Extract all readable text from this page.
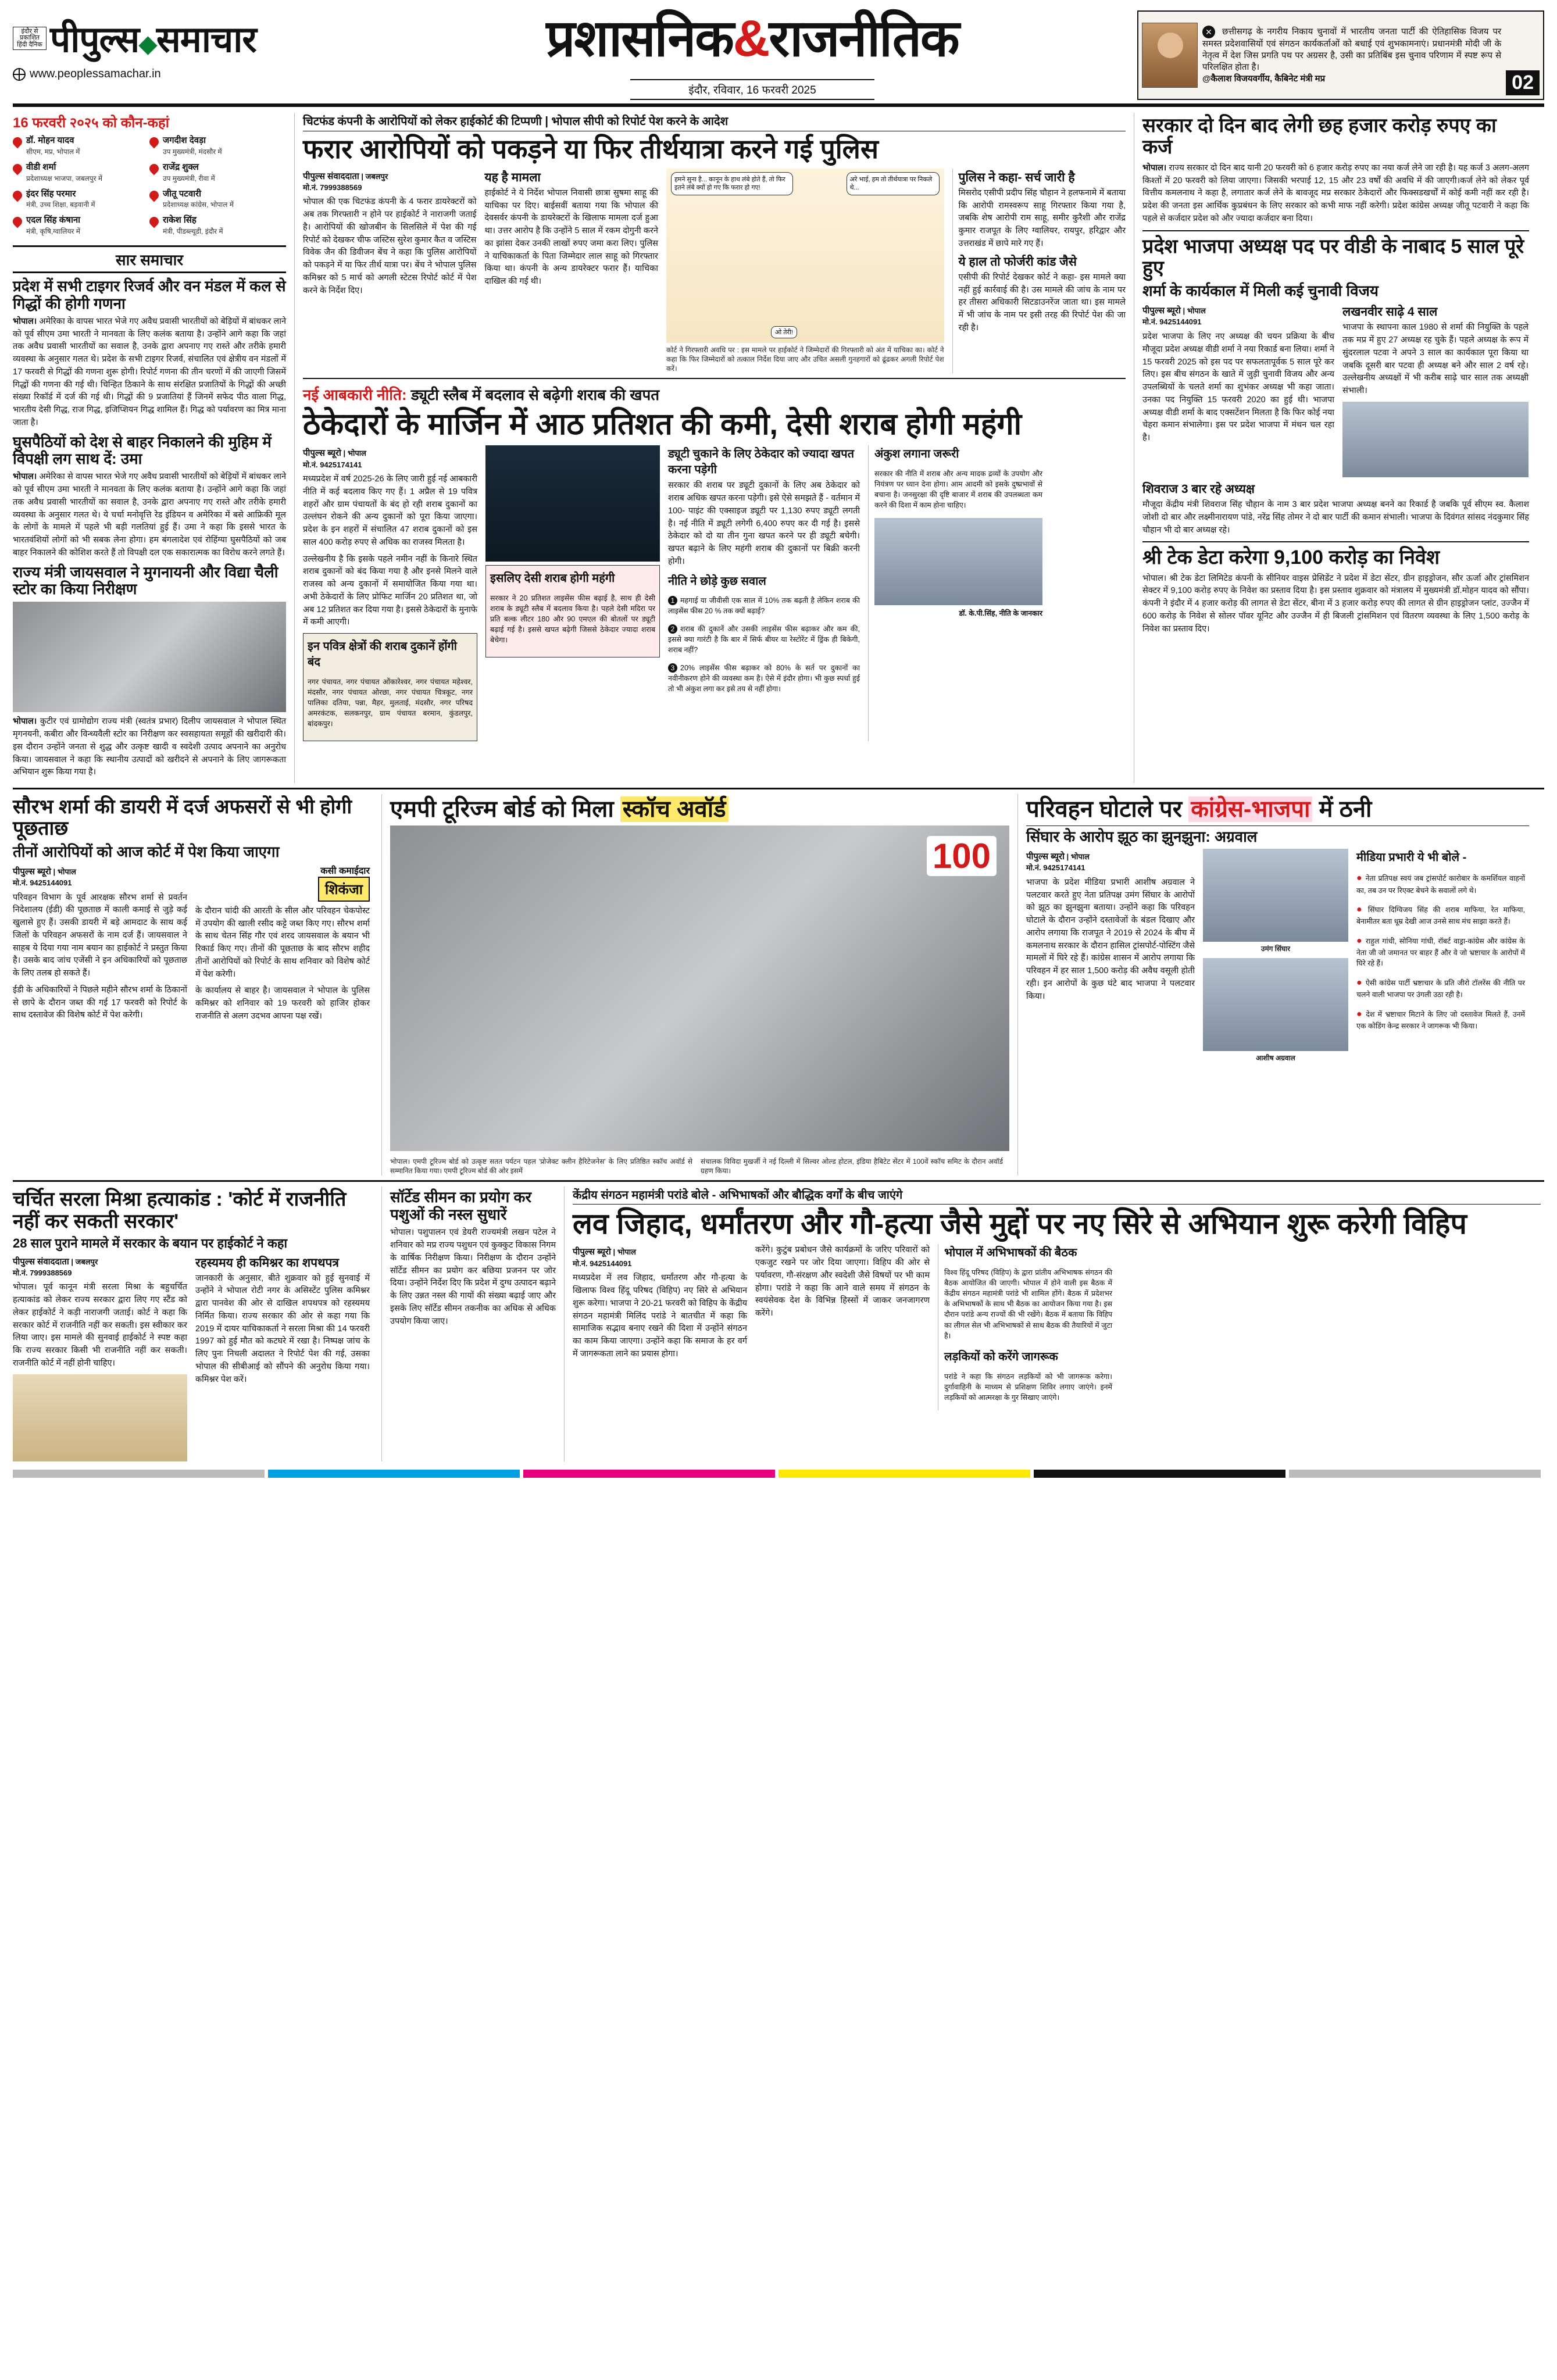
इंदौर से प्रकाशित हिंदी दैनिक पीपुल्स◆समाचार
www.peoplessamachar.in
प्रशासनिक&राजनीतिक
इंदौर, रविवार, 16 फरवरी 2025
✕ छत्तीसगढ़ के नगरीय निकाय चुनावों में भारतीय जनता पार्टी की ऐतिहासिक विजय पर समस्त प्रदेशवासियों एवं संगठन कार्यकर्ताओं को बधाई एवं शुभकामनाएं। प्रधानमंत्री मोदी जी के नेतृत्व में देश जिस प्रगति पथ पर अग्रसर है, उसी का प्रतिबिंब इस चुनाव परिणाम में स्पष्ट रूप से परिलक्षित होता है।
@कैलाश विजयवर्गीय, कैबिनेट मंत्री मप्र	02
16 फरवरी २०२५ को कौन-कहां
डॉ. मोहन यादव
सीएम, मप्र, भोपाल में
जगदीश देवड़ा
उप मुख्यमंत्री, मंदसौर में
वीडी शर्मा
प्रदेशाध्यक्ष भाजपा, जबलपुर में
राजेंद्र शुक्ल
उप मुख्यमंत्री, रीवा में
इंदर सिंह परमार
मंत्री, उच्च शिक्षा, बड़वानी में
जीतू पटवारी
प्रदेशाध्यक्ष कांग्रेस, भोपाल में
एदल सिंह कंषाना
मंत्री, कृषि,ग्वालियर में
राकेश सिंह
मंत्री, पीडब्ल्यूडी, इंदौर में
सार समाचार
प्रदेश में सभी टाइगर रिजर्व और वन मंडल में कल से गिद्धों की होगी गणना

भोपाल। अमेरिका के वापस भारत भेजे गए अवैध प्रवासी भारतीयों को बेड़ियों में बांधकर लाने को पूर्व सीएम उमा भारती ने मानवता के लिए कलंक बताया है। उन्होंने आगे कहा कि जहां तक अवैध प्रवासी भारतीयों का सवाल है, उनके द्वारा अपनाए गए रास्ते और तरीके हमारी व्यवस्था के अनुसार गलत थे। प्रदेश के सभी टाइगर रिजर्व, संचालित एवं क्षेत्रीय वन मंडलों में 17 फरवरी से गिद्धों की गणना शुरू होगी। रिपोर्ट गणना की तीन चरणों में की जाएगी जिसमें गिद्धों की गणना की गई थी। चिन्हित ठिकाने के साथ संरक्षित प्रजातियों के गिद्धों की अच्छी संख्या रिकॉर्ड में दर्ज की गई थी। गिद्धों की 9 प्रजातियां हैं जिनमें सफेद पीठ वाला गिद्ध, भारतीय देसी गिद्ध, राज गिद्ध, इजिप्शियन गिद्ध शामिल हैं। गिद्ध को पर्यावरण का मित्र माना जाता है।

घुसपैठियों को देश से बाहर निकालने की मुहिम में विपक्षी लग साथ दें: उमा

भोपाल। अमेरिका से वापस भारत भेजे गए अवैध प्रवासी भारतीयों को बेड़ियों में बांधकर लाने को पूर्व सीएम उमा भारती ने मानवता के लिए कलंक बताया है। उन्होंने आगे कहा कि जहां तक अवैध प्रवासी भारतीयों का सवाल है, उनके द्वारा अपनाए गए रास्ते और तरीके हमारी व्यवस्था के अनुसार गलत थे। ये चर्चा मनोवृत्ति रेड इंडियन व अमेरिका में बसे आफ्रिकी मूल के लोगों के मामले में पहले भी बड़ी गलतियां हुई हैं। उमा ने कहा कि इससे भारत के भारतवंशियों लोगों को भी सबक लेना होगा। हम बंगलादेश एवं रोहिंग्या घुसपैठियों को जब बाहर निकालने की कोशिश करते हैं तो विपक्षी दल एक सकारात्मक का विरोध करने लगते हैं।

राज्य मंत्री जायसवाल ने मुगनायनी और विद्या चैली स्टोर का किया निरीक्षण

भोपाल। कुटीर एवं ग्रामोद्योग राज्य मंत्री (स्वतंत्र प्रभार) दिलीप जायसवाल ने भोपाल स्थित मृगनयनी, कबीरा और विन्ध्यवैली स्टोर का निरीक्षण कर स्वसहायता समूहों की खरीदारी की। इस दौरान उन्होंने जनता से शुद्ध और उत्कृष्ट खादी व स्वदेशी उत्पाद अपनाने का अनुरोध किया। जायसवाल ने कहा कि स्थानीय उत्पादों को खरीदने से अपनाने के लिए जागरूकता अभियान शुरू किया गया है।

चिटफंड कंपनी के आरोपियों को लेकर हाईकोर्ट की टिप्पणी | भोपाल सीपी को रिपोर्ट पेश करने के आदेश
फरार आरोपियों को पकड़ने या फिर तीर्थयात्रा करने गई पुलिस
पीपुल्स संवाददाता | जबलपुर
मो.नं. 7999388569

भोपाल की एक चिटफंड कंपनी के 4 फरार डायरेक्टरों को अब तक गिरफ्तारी न होने पर हाईकोर्ट ने नाराजगी जताई है। आरोपियों की खोजबीन के सिलसिले में पेश की गई रिपोर्ट को देखकर चीफ जस्टिस सुरेश कुमार कैत व जस्टिस विवेक जैन की डिवीजन बेंच ने कहा कि पुलिस आरोपियों को पकड़ने में या फिर तीर्थ यात्रा पर। बेंच ने भोपाल पुलिस कमिश्नर को 5 मार्च को अगली स्टेटस रिपोर्ट कोर्ट में पेश करने के निर्देश दिए।

यह है मामला

हाईकोर्ट ने ये निर्देश भोपाल निवासी छात्रा सुषमा साहू की याचिका पर दिए। बाईसवीं बताया गया कि भोपाल की देवसर्वर कंपनी के डायरेक्टरों के खिलाफ मामला दर्ज हुआ था। उत्तर आरोप है कि उन्होंने 5 साल में रकम दोगुनी करने का झांसा देकर उनकी लाखों रुपए जमा करा लिए। पुलिस ने याचिकाकर्ता के पिता जिम्मेदार लाल साहू को गिरफ्तार किया था। कंपनी के अन्य डायरेक्टर फरार हैं। याचिका दाखिल की गई थी।

हमने सुना है... कानून के हाथ लंबे होते हैं, तो फिर इतने लंबे क्यों हो गए कि फरार हो गए!
अरे भाई, हम तो तीर्थयात्रा पर निकले थे...
ओ तेरी!
कोर्ट ने गिरफ्तारी अवधि पर : इस मामले पर हाईकोर्ट ने जिम्मेदारों की गिरफ्तारी को अंत में याचिका का। कोर्ट ने कहा कि फिर जिम्मेदारों को तत्काल निर्देश दिया जाए और उचित असली गुनहगारों को ढूंढकर अगली रिपोर्ट पेश करें।
पुलिस ने कहा- सर्च जारी है

मिसरोद एसीपी प्रदीप सिंह चौहान ने हलफनामे में बताया कि आरोपी रामस्वरूप साहू गिरफ्तार किया गया है, जबकि शेष आरोपी राम साहू, समीर कुरैशी और राजेंद्र कुमार राजपूत के लिए ग्वालियर, रायपुर, हरिद्वार और उत्तराखंड में छापे मारे गए हैं।

ये हाल तो फोर्जरी कांड जैसे

एसीपी की रिपोर्ट देखकर कोर्ट ने कहा- इस मामले क्या नहीं हुई कार्रवाई की है। उस मामले की जांच के नाम पर हर तीसरा अधिकारी सिटडाउनरेंज जाता था। इस मामले में भी जांच के नाम पर इसी तरह की रिपोर्ट पेश की जा रही है।

नई आबकारी नीति: ड्यूटी स्लैब में बदलाव से बढ़ेगी शराब की खपत
ठेकेदारों के मार्जिन में आठ प्रतिशत की कमी, देसी शराब होगी महंगी
पीपुल्स ब्यूरो | भोपाल
मो.नं. 9425174141

मध्यप्रदेश में वर्ष 2025-26 के लिए जारी हुई नई आबकारी नीति में कई बदलाव किए गए हैं। 1 अप्रैल से 19 पवित्र शहरों और ग्राम पंचायतों के बंद हो रही शराब दुकानों का उल्लंघन रोकने की अन्य दुकानों को पूरा किया जाएगा। प्रदेश के इन शहरों में संचालित 47 शराब दुकानों को इस साल 400 करोड़ रुपए से अधिक का राजस्व मिलता है।

उल्लेखनीय है कि इसके पहले नमीन नहीं के किनारे स्थित शराब दुकानों को बंद किया गया है और इनसे मिलने वाले राजस्व को अन्य दुकानों में समायोजित किया गया था। अभी ठेकेदारों के लिए प्रोफिट मार्जिन 20 प्रतिशत था, जो अब 12 प्रतिशत कर दिया गया है। इससे ठेकेदारों के मुनाफे में कमी आएगी।

इन पवित्र क्षेत्रों की शराब दुकानें होंगी बंद

नगर पंचायत, नगर पंचायत ओंकारेश्वर, नगर पंचायत महेश्वर, मंदसौर, नगर पंचायत ओरछा, नगर पंचायत चित्रकूट, नगर पालिका दतिया, पन्ना, मैहर, मुलताई, मंदसौर, नगर परिषद अमरकंटक, सलकनपुर, ग्राम पंचायत बरमान, कुंडलपुर, बांदकपुर।

इसलिए देसी शराब होगी महंगी

सरकार ने 20 प्रतिशत लाइसेंस फीस बढ़ाई है, साथ ही देसी शराब के ड्यूटी स्लैब में बदलाव किया है। पहले देसी मदिरा पर प्रति बल्क लीटर 180 और 90 एमएल की बोतलों पर ड्यूटी बढ़ाई गई है। इससे खपत बढ़ेगी जिससे ठेकेदार ज्यादा शराब बेचेगा।

ड्यूटी चुकाने के लिए ठेकेदार को ज्यादा खपत करना पड़ेगी

सरकार की शराब पर ड्यूटी दुकानों के लिए अब ठेकेदार को शराब अधिक खपत करना पड़ेगी। इसे ऐसे समझते हैं - वर्तमान में 100- पाइंट की एक्साइज ड्यूटी पर 1,130 रुपए ड्यूटी लगती है। नई नीति में ड्यूटी लगेगी 6,400 रुपए कर दी गई है। इससे ठेकेदार को दो या तीन गुना खपत करने पर ही ड्यूटी बचेगी। खपत बढ़ाने के लिए महंगी शराब की दुकानों पर बिक्री करनी होगी।

नीति ने छोड़े कुछ सवाल

1 महगाई या जीवीसी एक साल में 10% तक बढ़ती है लेकिन शराब की लाइसेंस फीस 20 % तक क्यों बढ़ाई?

2 शराब की दुकानें और उसकी लाइसेंस फीस बढ़ाकर और कम की, इससे क्या गारंटी है कि बार में सिर्फ बीयर या रेस्टोरेंट में ड्रिंक ही बिकेगी, शराब नहीं?

3 20% लाइसेंस फीस बढ़ाकर को 80% के सर्त पर दुकानों का नवीनीकरण होने की व्यवस्था कम है। ऐसे में इंदौर होगा। भी कुछ स्पर्धा हुई तो भी अंकुश लगा कर इसे तय से नहीं होगा।

अंकुश लगाना जरूरी

सरकार की नीति में शराब और अन्य मादक द्रव्यों के उपयोग और नियंत्रण पर ध्यान देना होगा। आम आदमी को इसके दुष्प्रभावों से बचाना है। जनसुरक्षा की दृष्टि बाजार में शराब की उपलब्धता कम करने की दिशा में काम होना चाहिए।

डॉ. के.पी.सिंह, नीति के जानकार
सरकार दो दिन बाद लेगी छह हजार करोड़ रुपए का कर्ज

भोपाल। राज्य सरकार दो दिन बाद यानी 20 फरवरी को 6 हजार करोड़ रुपए का नया कर्ज लेने जा रही है। यह कर्ज 3 अलग-अलग किश्तों में 20 फरवरी को लिया जाएगा। जिसकी भरपाई 12, 15 और 23 वर्षों की अवधि में की जाएगी।कर्ज लेने को लेकर पूर्व वित्तीय कमलनाथ ने कहा है, लगातार कर्ज लेने के बावजूद मप्र सरकार ठेकेदारों और फिक्सडखर्चों में कोई कमी नहीं कर रही है। प्रदेश की जनता इस आर्थिक कुप्रबंधन के लिए सरकार को कभी माफ नहीं करेगी। प्रदेश कांग्रेस अध्यक्ष जीतू पटवारी ने कहा कि पहले से कर्जदार प्रदेश को और ज्यादा कर्जदार बना दिया।

प्रदेश भाजपा अध्यक्ष पद पर वीडी के नाबाद 5 साल पूरे हुए
शर्मा के कार्यकाल में मिली कई चुनावी विजय
पीपुल्स ब्यूरो | भोपाल
मो.नं. 9425144091

प्रदेश भाजपा के लिए नए अध्यक्ष की चयन प्रक्रिया के बीच मौजूदा प्रदेश अध्यक्ष वीडी शर्मा ने नया रिकार्ड बना लिया। शर्मा ने 15 फरवरी 2025 को इस पद पर सफलतापूर्वक 5 साल पूरे कर लिए। इस बीच संगठन के खाते में जुड़ी चुनावी विजय और अन्य उपलब्धियों के चलते शर्मा का शुभंकर अध्यक्ष भी कहा जाता। उनका पद नियुक्ति 15 फरवरी 2020 का हुई थी। भाजपा अध्यक्ष वीडी शर्मा के बाद एक्सटेंशन मिलता है कि फिर कोई नया चेहरा कमान संभालेगा। इस पर प्रदेश भाजपा में मंथन चल रहा है।

लखनवीर साढ़े 4 साल

भाजपा के स्थापना काल 1980 से शर्मा की नियुक्ति के पहले तक मप्र में हुए 27 अध्यक्ष रह चुके हैं। पहले अध्यक्ष के रूप में सुंदरलाल पटवा ने अपने 3 साल का कार्यकाल पूरा किया था जबकि दूसरी बार पटवा ही अध्यक्ष बने और साल 2 वर्ष रहे। उल्लेखनीय अध्यक्षों में भी करीब साढ़े चार साल तक अध्यक्षी संभाली।

शिवराज 3 बार रहे अध्यक्ष

मौजूदा केंद्रीय मंत्री शिवराज सिंह चौहान के नाम 3 बार प्रदेश भाजपा अध्यक्ष बनने का रिकार्ड है जबकि पूर्व सीएम स्व. कैलाश जोशी दो बार और लक्ष्मीनारायण पांडे, नरेंद्र सिंह तोमर ने दो बार पार्टी की कमान संभाली। भाजपा के दिवंगत सांसद नंदकुमार सिंह चौहान भी दो बार अध्यक्ष रहे।

श्री टेक डेटा करेगा 9,100 करोड़ का निवेश

भोपाल। श्री टेक डेटा लिमिटेड कंपनी के सीनियर वाइस प्रेसिडेंट ने प्रदेश में डेटा सेंटर, ग्रीन हाइड्रोजन, सौर ऊर्जा और ट्रांसमिशन सेक्टर में 9,100 करोड़ रुपए के निवेश का प्रस्ताव दिया है। इस प्रस्ताव शुक्रवार को मंत्रालय में मुख्यमंत्री डॉ.मोहन यादव को सौंपा। कंपनी ने इंदौर में 4 हजार करोड़ की लागत से डेटा सेंटर, बीना में 3 हजार करोड़ रुपए की लागत से ग्रीन हाइड्रोजन प्लांट, उज्जैन में 600 करोड़ के निवेश से सोलर पॉवर यूनिट और उज्जैन में ही बिजली ट्रांसमिशन एवं वितरण व्यवस्था के लिए 1,500 करोड़ के निवेश का प्रस्ताव दिए।

सौरभ शर्मा की डायरी में दर्ज अफसरों से भी होगी पूछताछ
तीनों आरोपियों को आज कोर्ट में पेश किया जाएगा
पीपुल्स ब्यूरो | भोपाल
मो.नं. 9425144091

परिवहन विभाग के पूर्व आरक्षक सौरभ शर्मा से प्रवर्तन निदेशालय (ईडी) की पूछताछ में काली कमाई से जुड़े कई खुलासे हुए हैं। उसकी डायरी में बड़े आमदाट के साथ कई जिलों के परिवहन अफसरों के नाम दर्ज हैं। जायसवाल ने साहब ये दिया गया नाम बयान का हाईकोर्ट ने प्रस्तुत किया है। उसके बाद जांच एजेंसी ने इन अधिकारियों को पूछताछ के लिए तलब हो सकते हैं।

ईडी के अधिकारियों ने पिछले महीने सौरभ शर्मा के ठिकानों से छापे के दौरान जब्त की गई 17 फरवरी को रिपोर्ट के साथ दस्तावेज की विशेष कोर्ट में पेश करेगी।

कसी कमाईदार
शिकंजा

के दौरान चांदी की आरती के सील और परिवहन चेकपोस्ट में उपयोग की खाली रसीद कट्टे जब्त किए गए। सौरभ शर्मा के साथ चेतन सिंह गौर एवं शरद जायसवाल के बयान भी रिकार्ड किए गए। तीनों की पूछताछ के बाद सौरभ शहीद तीनों आरोपियों को रिपोर्ट के साथ शनिवार को विशेष कोर्ट में पेश करेगी।

के कार्यालय से बाहर है। जायसवाल ने भोपाल के पुलिस कमिश्नर को शनिवार को 19 फरवरी को हाजिर होकर राजनीति से अलग उदभव आपना पक्ष रखें।

एमपी टूरिज्म बोर्ड को मिला स्कॉच अवॉर्ड
100
भोपाल। एमपी टूरिज्म बोर्ड को उत्कृष्ट सतत पर्यटन पहल 'प्रोजेक्ट क्लीन हैरिटेजनेस' के लिए प्रतिष्ठित स्कॉच अवॉर्ड से सम्मानित किया गया। एमपी टूरिज्म बोर्ड की ओर इसमें
संचालक विविदा मुखर्जी ने नई दिल्ली में सिल्वर ओल्ड होटल, इंडिया हैबिटेट सेंटर में 100वें स्कॉच समिट के दौरान अवॉर्ड ग्रहण किया।
परिवहन घोटाले पर कांग्रेस-भाजपा में ठनी
सिंघार के आरोप झूठ का झुनझुना: अग्रवाल
पीपुल्स ब्यूरो | भोपाल
मो.नं. 9425174141

भाजपा के प्रदेश मीडिया प्रभारी आशीष अग्रवाल ने पलटवार करते हुए नेता प्रतिपक्ष उमंग सिंघार के आरोपों को झूठ का झुनझुना बताया। उन्होंने कहा कि परिवहन घोटाले के दौरान उन्होंने दस्तावेजों के बंडल दिखाए और आरोप लगाया कि राजपूत ने 2019 से 2024 के बीच में कमलनाथ सरकार के दौरान हासिल ट्रांसपोर्ट-पोस्टिंग जैसे मामलों में घिरे रहे हैं। कांग्रेस शासन में आरोप लगाया कि परिवहन में हर साल 1,500 करोड़ की अवैध वसूली होती रही। इन आरोपों के कुछ घंटे बाद भाजपा ने पलटवार किया।

उमंग सिंघार
आशीष अग्रवाल
मीडिया प्रभारी ये भी बोले -

● नेता प्रतिपक्ष स्वयं जब ट्रांसपोर्ट कारोबार के कमर्शियल वाहनों का, तब उन पर रिएक्ट बेचने के सवालों लगे थे।

● सिंघार दिग्विजय सिंह की शराब माफिया, रेत माफिया, बेनामीतर बता धूम्र देखी आज उनसे साथ मंच साझा करते हैं।

● राहुल गांधी, सोनिया गांधी, रॉबर्ट वाड्रा-कांग्रेस और कांग्रेस के नेता जी जो जमानत पर बाहर हैं और वे जो भ्रष्टाचार के आरोपों में घिरे रहे हैं।

● ऐसी कांग्रेस पार्टी भ्रष्टाचार के प्रति जीरो टॉलरेंस की नीति पर चलने वाली भाजपा पर उंगली उठा रही है।

● देश में भ्रष्टाचार मिटाने के लिए जो दस्तावेज मिलते हैं, उनमें एक कोडिंग केन्द्र सरकार ने जागरूक भी किया।

चर्चित सरला मिश्रा हत्याकांड : 'कोर्ट में राजनीति नहीं कर सकती सरकार'
28 साल पुराने मामले में सरकार के बयान पर हाईकोर्ट ने कहा
पीपुल्स संवाददाता | जबलपुर
मो.नं. 7999388569

भोपाल। पूर्व कानून मंत्री सरला मिश्रा के बहुचर्चित हत्याकांड को लेकर राज्य सरकार द्वारा लिए गए स्टैंड को लेकर हाईकोर्ट ने कड़ी नाराजगी जताई। कोर्ट ने कहा कि सरकार कोर्ट में राजनीति नहीं कर सकती। इस स्वीकार कर लिया जाए। इस मामले की सुनवाई हाईकोर्ट ने स्पष्ट कहा कि राज्य सरकार किसी भी राजनीति नहीं कर सकती। राजनीति कोर्ट में नहीं होनी चाहिए।

रहस्यमय ही कमिश्नर का शपथपत्र

जानकारी के अनुसार, बीते शुक्रवार को हुई सुनवाई में उन्होंने ने भोपाल रोटी नगर के असिस्टेंट पुलिस कमिश्नर द्वारा पानवेश की ओर से दाखिल शपथपत्र को रहस्यमय निर्मित किया। राज्य सरकार की ओर से कहा गया कि 2019 में दायर याचिकाकर्ता ने सरला मिश्रा की 14 फरवरी 1997 को हुई मौत को कटघरे में रखा है। निष्पक्ष जांच के लिए पुनः निचली अदालत ने रिपोर्ट पेश की गई, उसका भोपाल की सीबीआई को सौंपने की अनुरोध किया गया। कमिश्नर पेश करें।

सॉर्टेड सीमन का प्रयोग कर पशुओं की नस्ल सुधारें

भोपाल। पशुपालन एवं डेयरी राज्यमंत्री लखन पटेल ने शनिवार को मप्र राज्य पशुधन एवं कुक्कुट विकास निगम के वार्षिक निरीक्षण किया। निरीक्षण के दौरान उन्होंने सॉर्टेड सीमन का प्रयोग कर बछिया प्रजनन पर जोर दिया। उन्होंने निर्देश दिए कि प्रदेश में दुग्ध उत्पादन बढ़ाने के लिए उन्नत नस्ल की गायों की संख्या बढ़ाई जाए और इसके लिए सॉर्टेड सीमन तकनीक का अधिक से अधिक उपयोग किया जाए।

केंद्रीय संगठन महामंत्री परांडे बोले - अभिभाषकों और बौद्धिक वर्गों के बीच जाएंगे
लव जिहाद, धर्मांतरण और गौ-हत्या जैसे मुद्दों पर नए सिरे से अभियान शुरू करेगी विहिप
पीपुल्स ब्यूरो | भोपाल
मो.नं. 9425144091

मध्यप्रदेश में लव जिहाद, धर्मांतरण और गौ-हत्या के खिलाफ विश्व हिंदू परिषद (विहिप) नए सिरे से अभियान शुरू करेगा। भाजपा ने 20-21 फरवरी को विहिप के केंद्रीय संगठन महामंत्री मिलिंद परांडे ने बातचीत में कहा कि सामाजिक सद्भाव बनाए रखने की दिशा में उन्होंने संगठन का काम किया जाएगा। उन्होंने कहा कि समाज के हर वर्ग में जागरूकता लाने का प्रयास होगा।

करेंगे। कुटुंब प्रबोधन जैसे कार्यक्रमों के जरिए परिवारों को एकजुट रखने पर जोर दिया जाएगा। विहिप की ओर से पर्यावरण, गौ-संरक्षण और स्वदेशी जैसे विषयों पर भी काम होगा। परांडे ने कहा कि आने वाले समय में संगठन के स्वयंसेवक देश के विभिन्न हिस्सों में जाकर जनजागरण करेंगे।

भोपाल में अभिभाषकों की बैठक

विश्व हिंदू परिषद (विहिप) के द्वारा प्रांतीय अभिभाषक संगठन की बैठक आयोजित की जाएगी। भोपाल में होने वाली इस बैठक में केंद्रीय संगठन महामंत्री परांडे भी शामिल होंगे। बैठक में प्रदेशभर के अभिभाषकों के साथ भी बैठक का आयोजन किया गया है। इस दौरान परांडे अन्य राज्यों की भी रखेंगे। बैठक में बताया कि विहिप का लीगल सेल भी अभिभाषकों से साथ बैठक की तैयारियों में जुटा है।

लड़कियों को करेंगे जागरूक

परांडे ने कहा कि संगठन लड़कियों को भी जागरूक करेगा। दुर्गावाहिनी के माध्यम से प्रशिक्षण शिविर लगाए जाएंगे। इनमें लड़कियों को आत्मरक्षा के गुर सिखाए जाएंगे।
